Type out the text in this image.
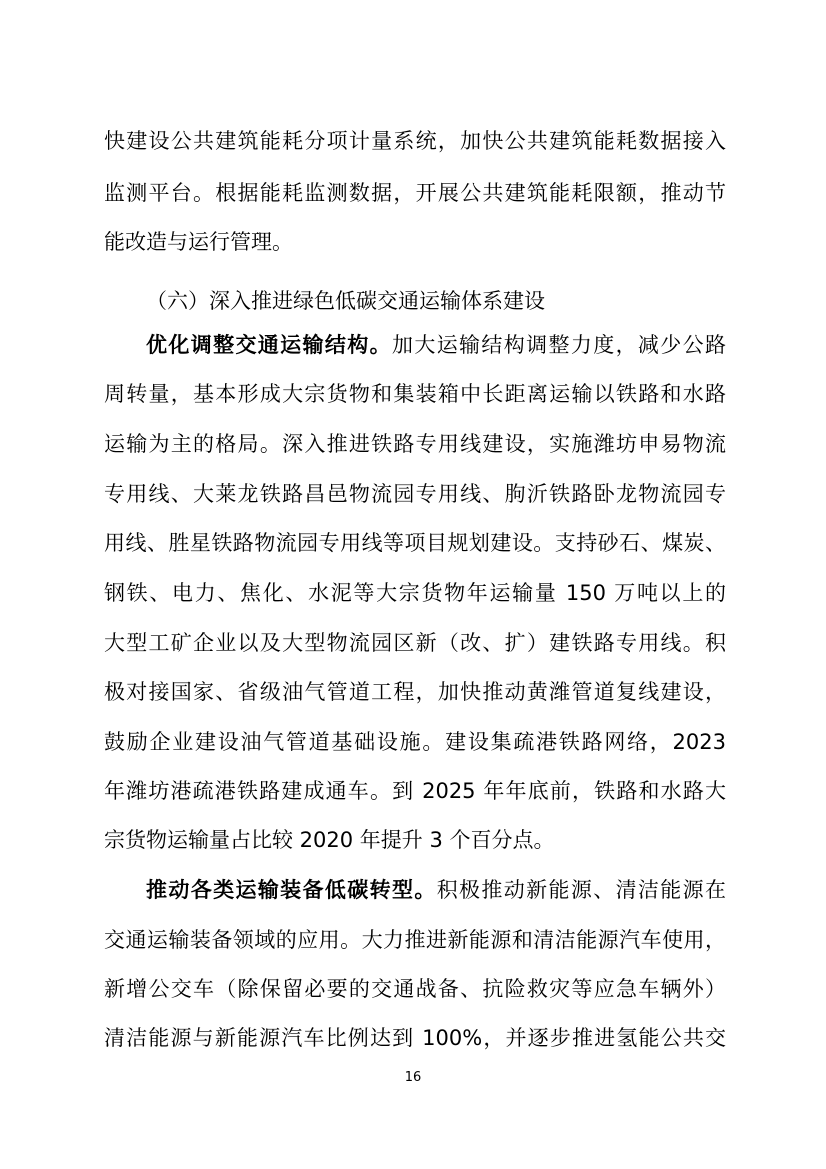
快建设公共建筑能耗分项计量系统，加快公共建筑能耗数据接入
监测平台。根据能耗监测数据，开展公共建筑能耗限额，推动节
能改造与运行管理。
（六）深入推进绿色低碳交通运输体系建设
优化调整交通运输结构。加大运输结构调整力度，减少公路
周转量，基本形成大宗货物和集装箱中长距离运输以铁路和水路
运输为主的格局。深入推进铁路专用线建设，实施潍坊申易物流
专用线、大莱龙铁路昌邑物流园专用线、朐沂铁路卧龙物流园专
用线、胜星铁路物流园专用线等项目规划建设。支持砂石、煤炭、
钢铁、电力、焦化、水泥等大宗货物年运输量 150 万吨以上的
大型工矿企业以及大型物流园区新（改、扩）建铁路专用线。积
极对接国家、省级油气管道工程，加快推动黄潍管道复线建设，
鼓励企业建设油气管道基础设施。建设集疏港铁路网络，2023
年潍坊港疏港铁路建成通车。到 2025 年年底前，铁路和水路大
宗货物运输量占比较 2020 年提升 3 个百分点。
推动各类运输装备低碳转型。积极推动新能源、清洁能源在
交通运输装备领域的应用。大力推进新能源和清洁能源汽车使用，
新增公交车（除保留必要的交通战备、抗险救灾等应急车辆外）
清洁能源与新能源汽车比例达到 100%，并逐步推进氢能公共交
16
